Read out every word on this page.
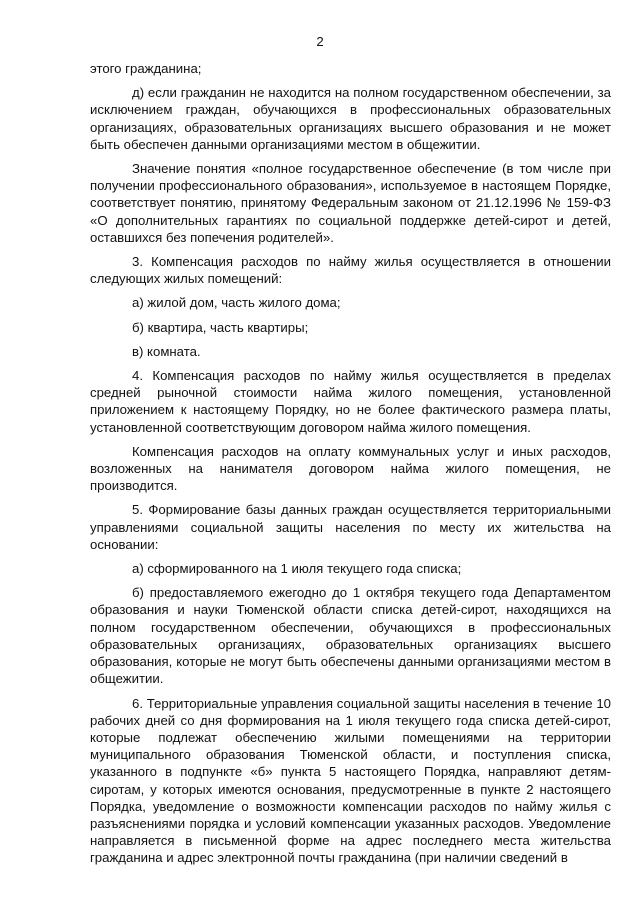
2

этого гражданина;

д) если гражданин не находится на полном государственном обеспечении, за исключением граждан, обучающихся в профессиональных образовательных организациях, образовательных организациях высшего образования и не может быть обеспечен данными организациями местом в общежитии.

Значение понятия «полное государственное обеспечение (в том числе при получении профессионального образования», используемое в настоящем Порядке, соответствует понятию, принятому Федеральным законом от 21.12.1996 № 159-ФЗ «О дополнительных гарантиях по социальной поддержке детей-сирот и детей, оставшихся без попечения родителей».

3. Компенсация расходов по найму жилья осуществляется в отношении следующих жилых помещений:

а) жилой дом, часть жилого дома;

б) квартира, часть квартиры;

в) комната.

4. Компенсация расходов по найму жилья осуществляется в пределах средней рыночной стоимости найма жилого помещения, установленной приложением к настоящему Порядку, но не более фактического размера платы, установленной соответствующим договором найма жилого помещения.

Компенсация расходов на оплату коммунальных услуг и иных расходов, возложенных на нанимателя договором найма жилого помещения, не производится.

5. Формирование базы данных граждан осуществляется территориальными управлениями социальной защиты населения по месту их жительства на основании:

а) сформированного на 1 июля текущего года списка;

б) предоставляемого ежегодно до 1 октября текущего года Департаментом образования и науки Тюменской области списка детей-сирот, находящихся на полном государственном обеспечении, обучающихся в профессиональных образовательных организациях, образовательных организациях высшего образования, которые не могут быть обеспечены данными организациями местом в общежитии.

6. Территориальные управления социальной защиты населения в течение 10 рабочих дней со дня формирования на 1 июля текущего года списка детей-сирот, которые подлежат обеспечению жилыми помещениями на территории муниципального образования Тюменской области, и поступления списка, указанного в подпункте «б» пункта 5 настоящего Порядка, направляют детям-сиротам, у которых имеются основания, предусмотренные в пункте 2 настоящего Порядка, уведомление о возможности компенсации расходов по найму жилья с разъяснениями порядка и условий компенсации указанных расходов. Уведомление направляется в письменной форме на адрес последнего места жительства гражданина и адрес электронной почты гражданина (при наличии сведений в
